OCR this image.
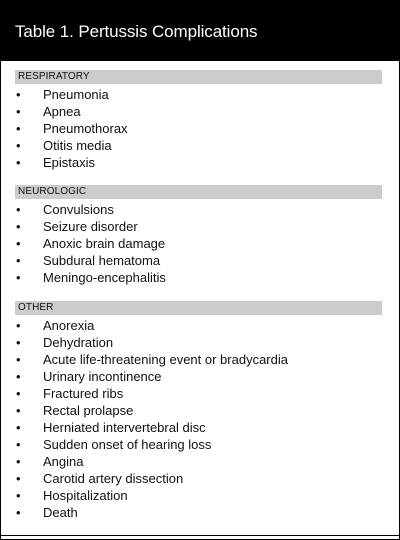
Table 1. Pertussis Complications
RESPIRATORY
• Pneumonia
• Apnea
• Pneumothorax
• Otitis media
• Epistaxis
NEUROLOGIC
• Convulsions
• Seizure disorder
• Anoxic brain damage
• Subdural hematoma
• Meningo-encephalitis
OTHER
• Anorexia
• Dehydration
• Acute life-threatening event or bradycardia
• Urinary incontinence
• Fractured ribs
• Rectal prolapse
• Herniated intervertebral disc
• Sudden onset of hearing loss
• Angina
• Carotid artery dissection
• Hospitalization
• Death
